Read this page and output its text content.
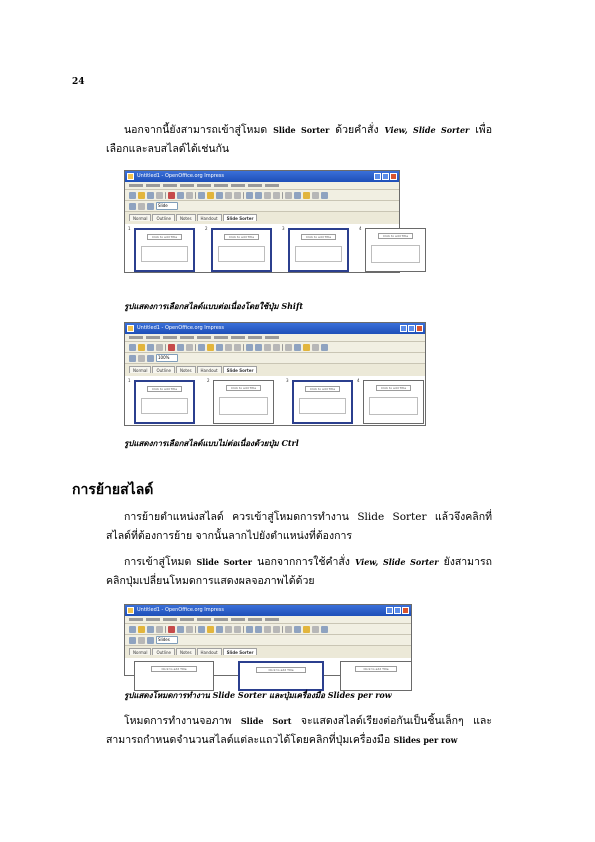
24
นอกจากนี้ยังสามารถเข้าสู่โหมด Slide Sorter ด้วยคำสั่ง View, Slide Sorter เพื่อเลือกและลบสไลด์ได้เช่นกัน
Untitled1 - OpenOffice.org Impress
Slide
Normal	Outline	Notes	Handout	Slide Sorter
1
Click to add Title
2
Click to add Title
3
Click to add Title
4
Click to add Title
รูปแสดงการเลือกสไลด์แบบต่อเนื่องโดยใช้ปุ่ม Shift
Untitled1 - OpenOffice.org Impress
100%
Normal	Outline	Notes	Handout	Slide Sorter
1
Click to add Title
2
Click to add Title
3
Click to add Title
4
Click to add Title
รูปแสดงการเลือกสไลด์แบบไม่ต่อเนื่องด้วยปุ่ม Ctrl
การย้ายสไลด์
การย้ายตำแหน่งสไลด์ ควรเข้าสู่โหมดการทำงาน Slide Sorter แล้วจึงคลิกที่สไลด์ที่ต้องการย้าย จากนั้นลากไปยังตำแหน่งที่ต้องการ
การเข้าสู่โหมด Slide Sorter นอกจากการใช้คำสั่ง View, Slide Sorter ยังสามารถคลิกปุ่มเปลี่ยนโหมดการแสดงผลจอภาพได้ด้วย
Untitled1 - OpenOffice.org Impress
Slides
Normal	Outline	Notes	Handout	Slide Sorter
Click to add Title	Click to add Title	Click to add Title
รูปแสดงโหมดการทำงาน Slide Sorter และปุ่มเครื่องมือ Slides per row
โหมดการทำงานจอภาพ Slide Sort จะแสดงสไลด์เรียงต่อกันเป็นชิ้นเล็กๆ และสามารถกำหนดจำนวนสไลด์แต่ละแถวได้โดยคลิกที่ปุ่มเครื่องมือ Slides per row
